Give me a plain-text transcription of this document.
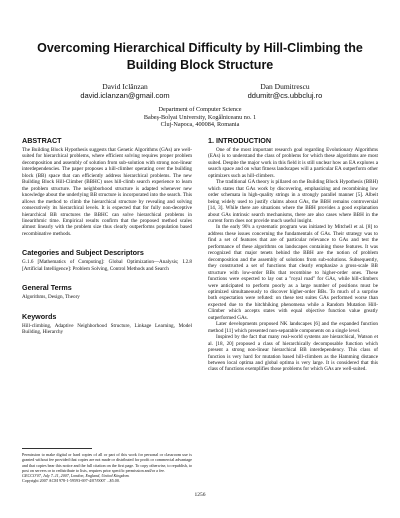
Overcoming Hierarchical Difficulty by Hill-Climbing the
Building Block Structure
David Iclănzan
david.iclanzan@gmail.com
Dan Dumitrescu
ddumitr@cs.ubbcluj.ro
Department of Computer Science
Babeş-Bolyai University, Kogălniceanu no. 1
Cluj-Napoca, 400084, Romania
ABSTRACT

The Building Block Hypothesis suggests that Genetic Algorithms (GAs) are well-suited for hierarchical problems, where efficient solving requires proper problem decomposition and assembly of solution from sub-solution with strong non-linear interdependencies. The paper proposes a hill-climber operating over the building block (BB) space that can efficiently address hierarchical problems. The new Building Block Hill-Climber (BBHC) uses hill-climb search experience to learn the problem structure. The neighborhood structure is adapted whenever new knowledge about the underlying BB structure is incorporated into the search. This allows the method to climb the hierarchical structure by revealing and solving consecutively its hierarchical levels. It is expected that for fully non-deceptive hierarchical BB structures the BBHC can solve hierarchical problems in linearithmic time. Empirical results confirm that the proposed method scales almost linearly with the problem size thus clearly outperforms population based recombinative methods.

Categories and Subject Descriptors

G.1.6 [Mathematics of Computing]: Global Optimization—Analysis; I.2.8 [Artificial Intelligence]: Problem Solving, Control Methods and Search

General Terms

Algorithms, Design, Theory

Keywords

Hill-climbing, Adaptive Neighborhood Structure, Linkage Learning, Model Building, Hierarchy

Permission to make digital or hard copies of all or part of this work for personal or classroom use is granted without fee provided that copies are not made or distributed for profit or commercial advantage and that copies bear this notice and the full citation on the first page. To copy otherwise, to republish, to post on servers or to redistribute to lists, requires prior specific permission and/or a fee.
GECCO'07, July 7–11, 2007, London, England, United Kingdom.
Copyright 2007 ACM 978-1-59593-697-4/07/0007 ...$5.00.
1. INTRODUCTION

One of the most important research goal regarding Evolutionary Algorithms (EAs) is to understand the class of problems for which these algorithms are most suited. Despite the major work in this field it is still unclear how an EA explores a search space and on what fitness landscapes will a particular EA outperform other optimizers such as hill-climbers.

The traditional GA theory is pillared on the Building Block Hypothesis (BBH) which states that GAs work by discovering, emphasizing and recombining low order schemata in high-quality strings in a strongly parallel manner [5]. Albeit being widely used to justify claims about GAs, the BBH remains controversial [14, 3]. While there are situations where the BBH provides a good explanation about GAs intrinsic search mechanisms, there are also cases where BBH in the current form does not provide much useful insight.

In the early 90's a systematic program was initiated by Mitchell et al. [8] to address these issues concerning the fundamentals of GAs. Their strategy was to find a set of features that are of particular relevance to GAs and test the performance of these algorithms on landscapes containing those features. It was recognized that major tenets behind the BBH are the notion of problem decomposition and the assembly of solutions from sub-solutions. Subsequently, they constructed a set of functions that clearly emphasize a gross-scale BB structure with low-order BBs that recombine to higher-order ones. These functions were expected to lay out a "royal road" for GAs, while hill-climbers were anticipated to perform poorly as a large number of positions must be optimized simultaneously to discover higher-order BBs. To much of a surprise both expectation were refuted: on these test suites GAs performed worse than expected due to the hitchhiking phenomena while a Random Mutation Hill-Climber which accepts states with equal objective function value greatly outperformed GAs.

Later developments proposed NK landscapes [6] and the expanded function method [11] which presented non-separable components on a single level.

Inspired by the fact that many real-world systems are hierarchical, Watson et al. [18, 20] proposed a class of hierarchically decomposable function which present a strong non-linear hierarchical BB interdependency. This class of function is very hard for mutation based hill-climbers as the Hamming distance between local optima and global optima is very large. It is considered that this class of functions exemplifies those problems for which GAs are well-suited.

1256
